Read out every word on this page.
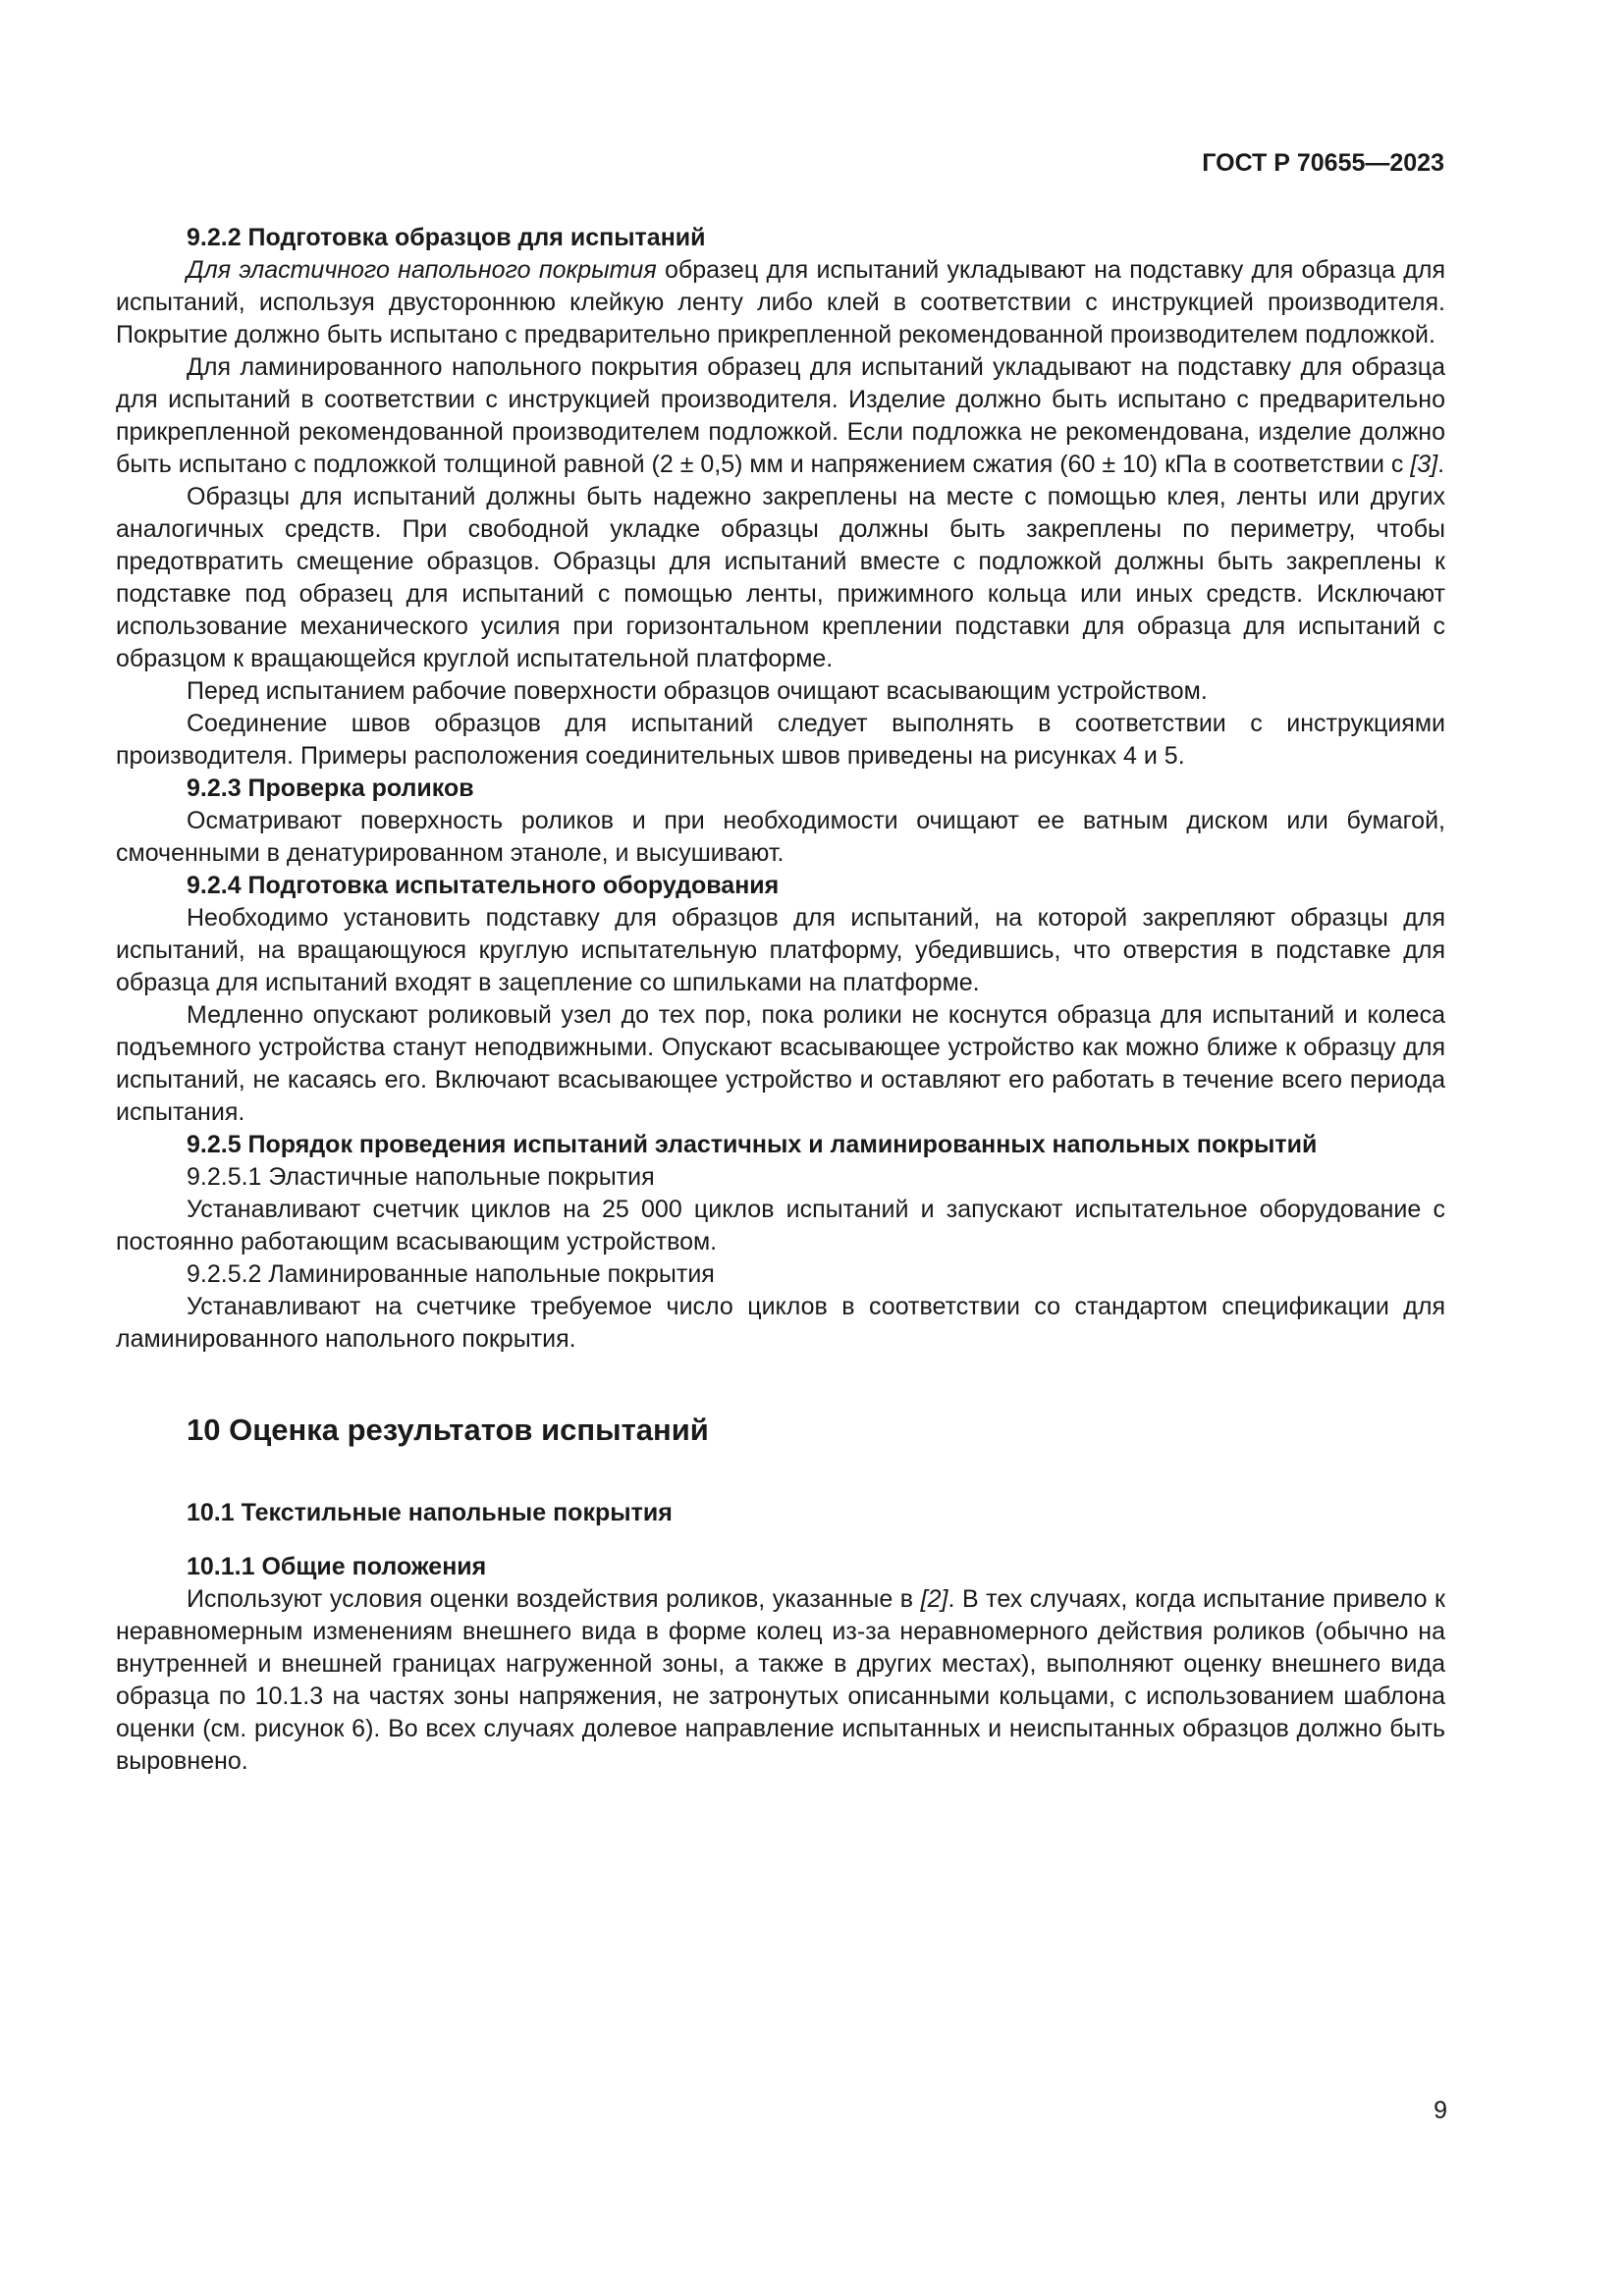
ГОСТ Р 70655—2023

9.2.2 Подготовка образцов для испытаний

Для эластичного напольного покрытия образец для испытаний укладывают на подставку для образца для испытаний, используя двустороннюю клейкую ленту либо клей в соответствии с инструкцией производителя. Покрытие должно быть испытано с предварительно прикрепленной рекомендованной производителем подложкой.

Для ламинированного напольного покрытия образец для испытаний укладывают на подставку для образца для испытаний в соответствии с инструкцией производителя. Изделие должно быть испытано с предварительно прикрепленной рекомендованной производителем подложкой. Если подложка не рекомендована, изделие должно быть испытано с подложкой толщиной равной (2 ± 0,5) мм и напряжением сжатия (60 ± 10) кПа в соответствии с [3].

Образцы для испытаний должны быть надежно закреплены на месте с помощью клея, ленты или других аналогичных средств. При свободной укладке образцы должны быть закреплены по периметру, чтобы предотвратить смещение образцов. Образцы для испытаний вместе с подложкой должны быть закреплены к подставке под образец для испытаний с помощью ленты, прижимного кольца или иных средств. Исключают использование механического усилия при горизонтальном креплении подставки для образца для испытаний с образцом к вращающейся круглой испытательной платформе.

Перед испытанием рабочие поверхности образцов очищают всасывающим устройством.

Соединение швов образцов для испытаний следует выполнять в соответствии с инструкциями производителя. Примеры расположения соединительных швов приведены на рисунках 4 и 5.

9.2.3 Проверка роликов

Осматривают поверхность роликов и при необходимости очищают ее ватным диском или бумагой, смоченными в денатурированном этаноле, и высушивают.

9.2.4 Подготовка испытательного оборудования

Необходимо установить подставку для образцов для испытаний, на которой закрепляют образцы для испытаний, на вращающуюся круглую испытательную платформу, убедившись, что отверстия в подставке для образца для испытаний входят в зацепление со шпильками на платформе.

Медленно опускают роликовый узел до тех пор, пока ролики не коснутся образца для испытаний и колеса подъемного устройства станут неподвижными. Опускают всасывающее устройство как можно ближе к образцу для испытаний, не касаясь его. Включают всасывающее устройство и оставляют его работать в течение всего периода испытания.

9.2.5 Порядок проведения испытаний эластичных и ламинированных напольных покрытий

9.2.5.1 Эластичные напольные покрытия

Устанавливают счетчик циклов на 25 000 циклов испытаний и запускают испытательное оборудование с постоянно работающим всасывающим устройством.

9.2.5.2 Ламинированные напольные покрытия

Устанавливают на счетчике требуемое число циклов в соответствии со стандартом спецификации для ламинированного напольного покрытия.

10 Оценка результатов испытаний

10.1 Текстильные напольные покрытия

10.1.1 Общие положения

Используют условия оценки воздействия роликов, указанные в [2]. В тех случаях, когда испытание привело к неравномерным изменениям внешнего вида в форме колец из-за неравномерного действия роликов (обычно на внутренней и внешней границах нагруженной зоны, а также в других местах), выполняют оценку внешнего вида образца по 10.1.3 на частях зоны напряжения, не затронутых описанными кольцами, с использованием шаблона оценки (см. рисунок 6). Во всех случаях долевое направление испытанных и неиспытанных образцов должно быть выровнено.

9
